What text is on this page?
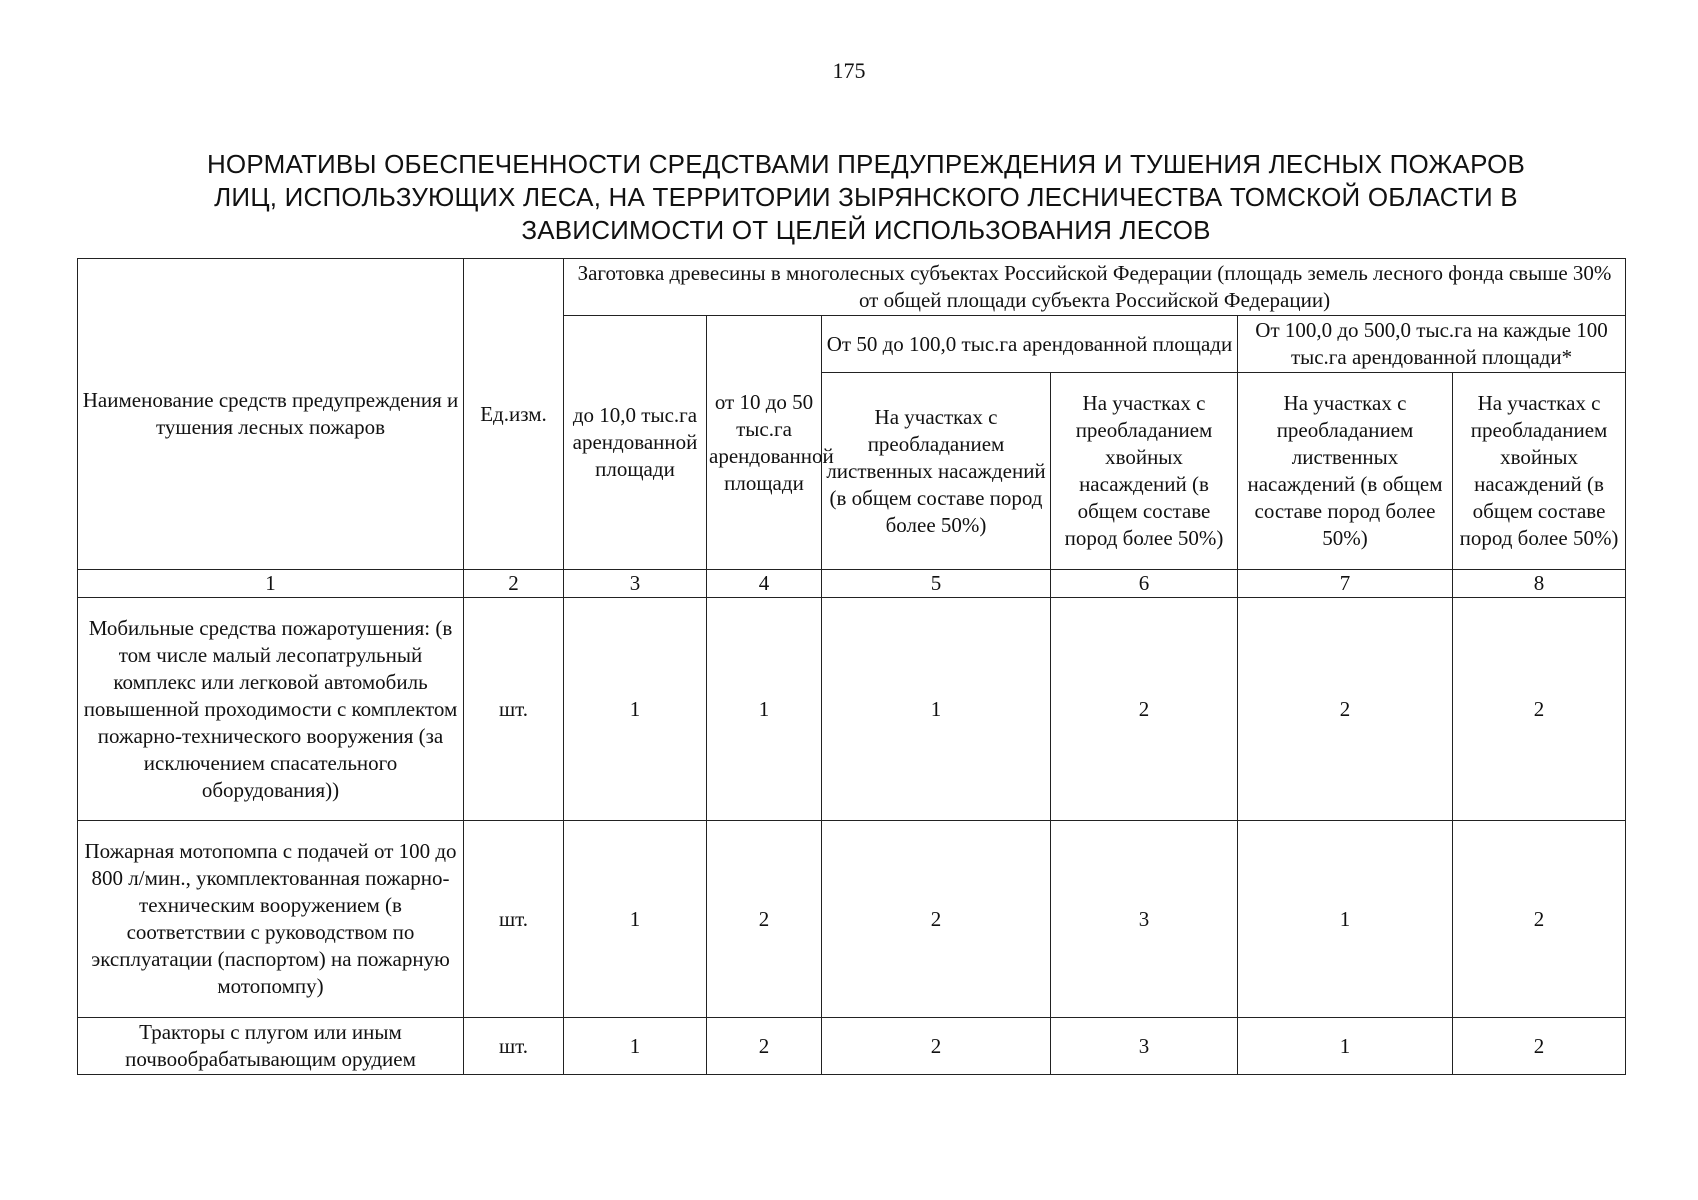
175
НОРМАТИВЫ ОБЕСПЕЧЕННОСТИ СРЕДСТВАМИ ПРЕДУПРЕЖДЕНИЯ И ТУШЕНИЯ ЛЕСНЫХ ПОЖАРОВ
ЛИЦ, ИСПОЛЬЗУЮЩИХ ЛЕСА, НА ТЕРРИТОРИИ ЗЫРЯНСКОГО ЛЕСНИЧЕСТВА ТОМСКОЙ ОБЛАСТИ В
ЗАВИСИМОСТИ ОТ ЦЕЛЕЙ ИСПОЛЬЗОВАНИЯ ЛЕСОВ
Наименование средств предупреждения и тушения лесных пожаров	Ед.изм.	Заготовка древесины в многолесных субъектах Российской Федерации (площадь земель лесного фонда свыше 30% от общей площади субъекта Российской Федерации)					
		до 10,0 тыс.га арендованной площади	от 10 до 50 тыс.га арендованной площади	От 50 до 100,0 тыс.га арендованной площади		От 100,0 до 500,0 тыс.га на каждые 100 тыс.га арендованной площади*	
				На участках с преобладанием лиственных насаждений (в общем составе пород более 50%)	На участках с преобладанием хвойных насаждений (в общем составе пород более 50%)	На участках с преобладанием лиственных насаждений (в общем составе пород более 50%)	На участках с преобладанием хвойных насаждений (в общем составе пород более 50%)
1	2	3	4	5	6	7	8
Мобильные средства пожаротушения: (в том числе малый лесопатрульный комплекс или легковой автомобиль повышенной проходимости с комплектом пожарно-технического вооружения (за исключением спасательного оборудования))	шт.	1	1	1	2	2	2
Пожарная мотопомпа с подачей от 100 до 800 л/мин., укомплектованная пожарно-техническим вооружением (в соответствии с руководством по эксплуатации (паспортом) на пожарную мотопомпу)	шт.	1	2	2	3	1	2
Тракторы с плугом или иным почвообрабатывающим орудием	шт.	1	2	2	3	1	2
